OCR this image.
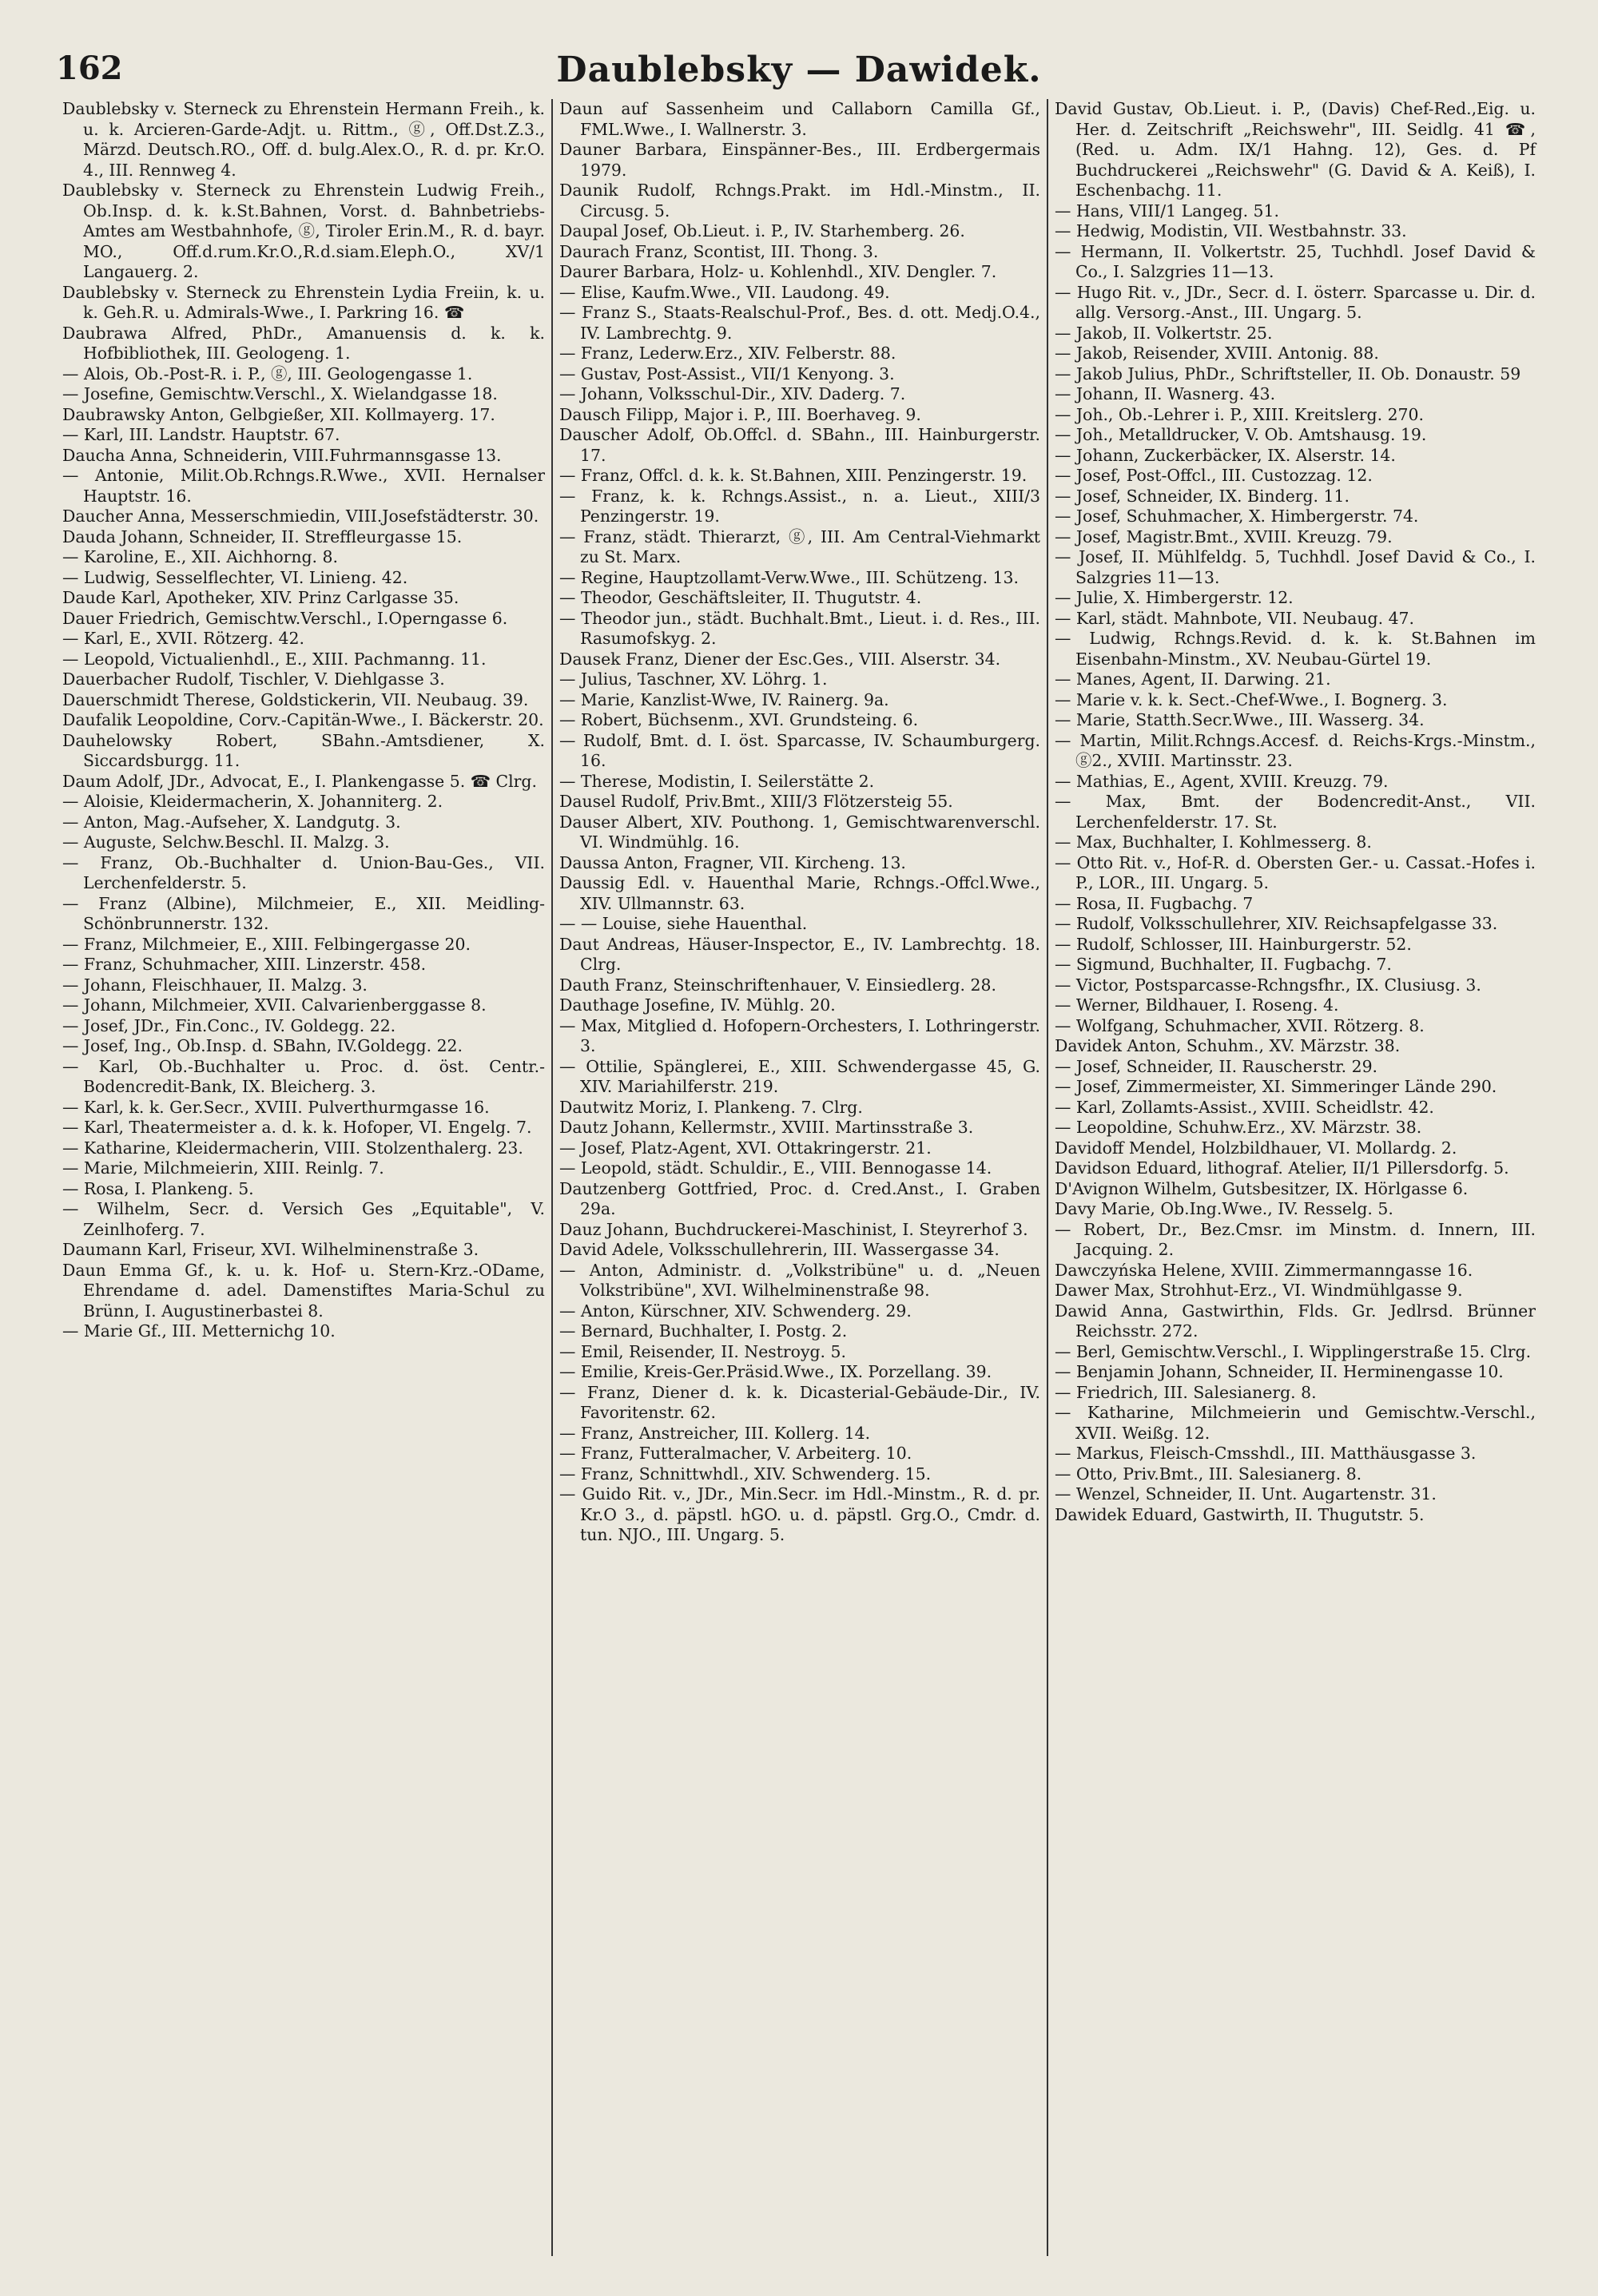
162	Daublebsky — Dawidek.

Daublebsky v. Sterneck zu Ehrenstein Hermann Freih., k. u. k. Arcieren-Garde-Adjt. u. Rittm., ⓖ, Off.Dst.Z.3., Märzd. Deutsch.RO., Off. d. bulg.Alex.O., R. d. pr. Kr.O. 4., III. Rennweg 4.

Daublebsky v. Sterneck zu Ehrenstein Ludwig Freih., Ob.Insp. d. k. k.St.Bahnen, Vorst. d. Bahnbetriebs-Amtes am Westbahnhofe, ⓖ, Tiroler Erin.M., R. d. bayr. MO., Off.d.rum.Kr.O.,R.d.siam.Eleph.O., XV/1 Langauerg. 2.

Daublebsky v. Sterneck zu Ehrenstein Lydia Freiin, k. u. k. Geh.R. u. Admirals-Wwe., I. Parkring 16. ☎

Daubrawa Alfred, PhDr., Amanuensis d. k. k. Hofbibliothek, III. Geologeng. 1.

— Alois, Ob.-Post-R. i. P., ⓖ, III. Geologengasse 1.

— Josefine, Gemischtw.Verschl., X. Wielandgasse 18.

Daubrawsky Anton, Gelbgießer, XII. Kollmayerg. 17.

— Karl, III. Landstr. Hauptstr. 67.

Daucha Anna, Schneiderin, VIII.Fuhrmannsgasse 13.

— Antonie, Milit.Ob.Rchngs.R.Wwe., XVII. Hernalser Hauptstr. 16.

Daucher Anna, Messerschmiedin, VIII.Josefstädterstr. 30.

Dauda Johann, Schneider, II. Streffleurgasse 15.

— Karoline, E., XII. Aichhorng. 8.

— Ludwig, Sesselflechter, VI. Linieng. 42.

Daude Karl, Apotheker, XIV. Prinz Carlgasse 35.

Dauer Friedrich, Gemischtw.Verschl., I.Operngasse 6.

— Karl, E., XVII. Rötzerg. 42.

— Leopold, Victualienhdl., E., XIII. Pachmanng. 11.

Dauerbacher Rudolf, Tischler, V. Diehlgasse 3.

Dauerschmidt Therese, Goldstickerin, VII. Neubaug. 39.

Daufalik Leopoldine, Corv.-Capitän-Wwe., I. Bäckerstr. 20.

Dauhelowsky Robert, SBahn.-Amtsdiener, X. Siccardsburgg. 11.

Daum Adolf, JDr., Advocat, E., I. Plankengasse 5. ☎ Clrg.

— Aloisie, Kleidermacherin, X. Johanniterg. 2.

— Anton, Mag.-Aufseher, X. Landgutg. 3.

— Auguste, Selchw.Beschl. II. Malzg. 3.

— Franz, Ob.-Buchhalter d. Union-Bau-Ges., VII. Lerchenfelderstr. 5.

— Franz (Albine), Milchmeier, E., XII. Meidling-Schönbrunnerstr. 132.

— Franz, Milchmeier, E., XIII. Felbingergasse 20.

— Franz, Schuhmacher, XIII. Linzerstr. 458.

— Johann, Fleischhauer, II. Malzg. 3.

— Johann, Milchmeier, XVII. Calvarienberggasse 8.

— Josef, JDr., Fin.Conc., IV. Goldegg. 22.

— Josef, Ing., Ob.Insp. d. SBahn, IV.Goldegg. 22.

— Karl, Ob.-Buchhalter u. Proc. d. öst. Centr.-Bodencredit-Bank, IX. Bleicherg. 3.

— Karl, k. k. Ger.Secr., XVIII. Pulverthurmgasse 16.

— Karl, Theatermeister a. d. k. k. Hofoper, VI. Engelg. 7.

— Katharine, Kleidermacherin, VIII. Stolzenthalerg. 23.

— Marie, Milchmeierin, XIII. Reinlg. 7.

— Rosa, I. Plankeng. 5.

— Wilhelm, Secr. d. Versich Ges „Equitable", V. Zeinlhoferg. 7.

Daumann Karl, Friseur, XVI. Wilhelminenstraße 3.

Daun Emma Gf., k. u. k. Hof- u. Stern-Krz.-ODame, Ehrendame d. adel. Damenstiftes Maria-Schul zu Brünn, I. Augustinerbastei 8.

— Marie Gf., III. Metternichg 10.

Daun auf Sassenheim und Callaborn Camilla Gf., FML.Wwe., I. Wallnerstr. 3.

Dauner Barbara, Einspänner-Bes., III. Erdbergermais 1979.

Daunik Rudolf, Rchngs.Prakt. im Hdl.-Minstm., II. Circusg. 5.

Daupal Josef, Ob.Lieut. i. P., IV. Starhemberg. 26.

Daurach Franz, Scontist, III. Thong. 3.

Daurer Barbara, Holz- u. Kohlenhdl., XIV. Dengler. 7.

— Elise, Kaufm.Wwe., VII. Laudong. 49.

— Franz S., Staats-Realschul-Prof., Bes. d. ott. Medj.O.4., IV. Lambrechtg. 9.

— Franz, Lederw.Erz., XIV. Felberstr. 88.

— Gustav, Post-Assist., VII/1 Kenyong. 3.

— Johann, Volksschul-Dir., XIV. Daderg. 7.

Dausch Filipp, Major i. P., III. Boerhaveg. 9.

Dauscher Adolf, Ob.Offcl. d. SBahn., III. Hainburgerstr. 17.

— Franz, Offcl. d. k. k. St.Bahnen, XIII. Penzingerstr. 19.

— Franz, k. k. Rchngs.Assist., n. a. Lieut., XIII/3 Penzingerstr. 19.

— Franz, städt. Thierarzt, ⓖ, III. Am Central-Viehmarkt zu St. Marx.

— Regine, Hauptzollamt-Verw.Wwe., III. Schützeng. 13.

— Theodor, Geschäftsleiter, II. Thugutstr. 4.

— Theodor jun., städt. Buchhalt.Bmt., Lieut. i. d. Res., III. Rasumofskyg. 2.

Dausek Franz, Diener der Esc.Ges., VIII. Alserstr. 34.

— Julius, Taschner, XV. Löhrg. 1.

— Marie, Kanzlist-Wwe, IV. Rainerg. 9a.

— Robert, Büchsenm., XVI. Grundsteing. 6.

— Rudolf, Bmt. d. I. öst. Sparcasse, IV. Schaumburgerg. 16.

— Therese, Modistin, I. Seilerstätte 2.

Dausel Rudolf, Priv.Bmt., XIII/3 Flötzersteig 55.

Dauser Albert, XIV. Pouthong. 1, Gemischtwarenverschl. VI. Windmühlg. 16.

Daussa Anton, Fragner, VII. Kircheng. 13.

Daussig Edl. v. Hauenthal Marie, Rchngs.-Offcl.Wwe., XIV. Ullmannstr. 63.

— — Louise, siehe Hauenthal.

Daut Andreas, Häuser-Inspector, E., IV. Lambrechtg. 18. Clrg.

Dauth Franz, Steinschriftenhauer, V. Einsiedlerg. 28.

Dauthage Josefine, IV. Mühlg. 20.

— Max, Mitglied d. Hofopern-Orchesters, I. Lothringerstr. 3.

— Ottilie, Spänglerei, E., XIII. Schwendergasse 45, G. XIV. Mariahilferstr. 219.

Dautwitz Moriz, I. Plankeng. 7. Clrg.

Dautz Johann, Kellermstr., XVIII. Martinsstraße 3.

— Josef, Platz-Agent, XVI. Ottakringerstr. 21.

— Leopold, städt. Schuldir., E., VIII. Bennogasse 14.

Dautzenberg Gottfried, Proc. d. Cred.Anst., I. Graben 29a.

Dauz Johann, Buchdruckerei-Maschinist, I. Steyrerhof 3.

David Adele, Volksschullehrerin, III. Wassergasse 34.

— Anton, Administr. d. „Volkstribüne" u. d. „Neuen Volkstribüne", XVI. Wilhelminenstraße 98.

— Anton, Kürschner, XIV. Schwenderg. 29.

— Bernard, Buchhalter, I. Postg. 2.

— Emil, Reisender, II. Nestroyg. 5.

— Emilie, Kreis-Ger.Präsid.Wwe., IX. Porzellang. 39.

— Franz, Diener d. k. k. Dicasterial-Gebäude-Dir., IV. Favoritenstr. 62.

— Franz, Anstreicher, III. Kollerg. 14.

— Franz, Futteralmacher, V. Arbeiterg. 10.

— Franz, Schnittwhdl., XIV. Schwenderg. 15.

— Guido Rit. v., JDr., Min.Secr. im Hdl.-Minstm., R. d. pr. Kr.O 3., d. päpstl. hGO. u. d. päpstl. Grg.O., Cmdr. d. tun. NJO., III. Ungarg. 5.

David Gustav, Ob.Lieut. i. P., (Davis) Chef-Red.,Eig. u. Her. d. Zeitschrift „Reichswehr", III. Seidlg. 41 ☎, (Red. u. Adm. IX/1 Hahng. 12), Ges. d. Pf Buchdruckerei „Reichswehr" (G. David & A. Keiß), I. Eschenbachg. 11.

— Hans, VIII/1 Langeg. 51.

— Hedwig, Modistin, VII. Westbahnstr. 33.

— Hermann, II. Volkertstr. 25, Tuchhdl. Josef David & Co., I. Salzgries 11—13.

— Hugo Rit. v., JDr., Secr. d. I. österr. Sparcasse u. Dir. d. allg. Versorg.-Anst., III. Ungarg. 5.

— Jakob, II. Volkertstr. 25.

— Jakob, Reisender, XVIII. Antonig. 88.

— Jakob Julius, PhDr., Schriftsteller, II. Ob. Donaustr. 59

— Johann, II. Wasnerg. 43.

— Joh., Ob.-Lehrer i. P., XIII. Kreitslerg. 270.

— Joh., Metalldrucker, V. Ob. Amtshausg. 19.

— Johann, Zuckerbäcker, IX. Alserstr. 14.

— Josef, Post-Offcl., III. Custozzag. 12.

— Josef, Schneider, IX. Binderg. 11.

— Josef, Schuhmacher, X. Himbergerstr. 74.

— Josef, Magistr.Bmt., XVIII. Kreuzg. 79.

— Josef, II. Mühlfeldg. 5, Tuchhdl. Josef David & Co., I. Salzgries 11—13.

— Julie, X. Himbergerstr. 12.

— Karl, städt. Mahnbote, VII. Neubaug. 47.

— Ludwig, Rchngs.Revid. d. k. k. St.Bahnen im Eisenbahn-Minstm., XV. Neubau-Gürtel 19.

— Manes, Agent, II. Darwing. 21.

— Marie v. k. k. Sect.-Chef-Wwe., I. Bognerg. 3.

— Marie, Statth.Secr.Wwe., III. Wasserg. 34.

— Martin, Milit.Rchngs.Accesf. d. Reichs-Krgs.-Minstm., ⓖ2., XVIII. Martinsstr. 23.

— Mathias, E., Agent, XVIII. Kreuzg. 79.

— Max, Bmt. der Bodencredit-Anst., VII. Lerchenfelderstr. 17. St.

— Max, Buchhalter, I. Kohlmesserg. 8.

— Otto Rit. v., Hof-R. d. Obersten Ger.- u. Cassat.-Hofes i. P., LOR., III. Ungarg. 5.

— Rosa, II. Fugbachg. 7

— Rudolf, Volksschullehrer, XIV. Reichsapfelgasse 33.

— Rudolf, Schlosser, III. Hainburgerstr. 52.

— Sigmund, Buchhalter, II. Fugbachg. 7.

— Victor, Postsparcasse-Rchngsfhr., IX. Clusiusg. 3.

— Werner, Bildhauer, I. Roseng. 4.

— Wolfgang, Schuhmacher, XVII. Rötzerg. 8.

Davidek Anton, Schuhm., XV. Märzstr. 38.

— Josef, Schneider, II. Rauscherstr. 29.

— Josef, Zimmermeister, XI. Simmeringer Lände 290.

— Karl, Zollamts-Assist., XVIII. Scheidlstr. 42.

— Leopoldine, Schuhw.Erz., XV. Märzstr. 38.

Davidoff Mendel, Holzbildhauer, VI. Mollardg. 2.

Davidson Eduard, lithograf. Atelier, II/1 Pillersdorfg. 5.

D'Avignon Wilhelm, Gutsbesitzer, IX. Hörlgasse 6.

Davy Marie, Ob.Ing.Wwe., IV. Resselg. 5.

— Robert, Dr., Bez.Cmsr. im Minstm. d. Innern, III. Jacquing. 2.

Dawczyńska Helene, XVIII. Zimmermanngasse 16.

Dawer Max, Strohhut-Erz., VI. Windmühlgasse 9.

Dawid Anna, Gastwirthin, Flds. Gr. Jedlrsd. Brünner Reichsstr. 272.

— Berl, Gemischtw.Verschl., I. Wipplingerstraße 15. Clrg.

— Benjamin Johann, Schneider, II. Herminengasse 10.

— Friedrich, III. Salesianerg. 8.

— Katharine, Milchmeierin und Gemischtw.-Verschl., XVII. Weißg. 12.

— Markus, Fleisch-Cmsshdl., III. Matthäusgasse 3.

— Otto, Priv.Bmt., III. Salesianerg. 8.

— Wenzel, Schneider, II. Unt. Augartenstr. 31.

Dawidek Eduard, Gastwirth, II. Thugutstr. 5.
